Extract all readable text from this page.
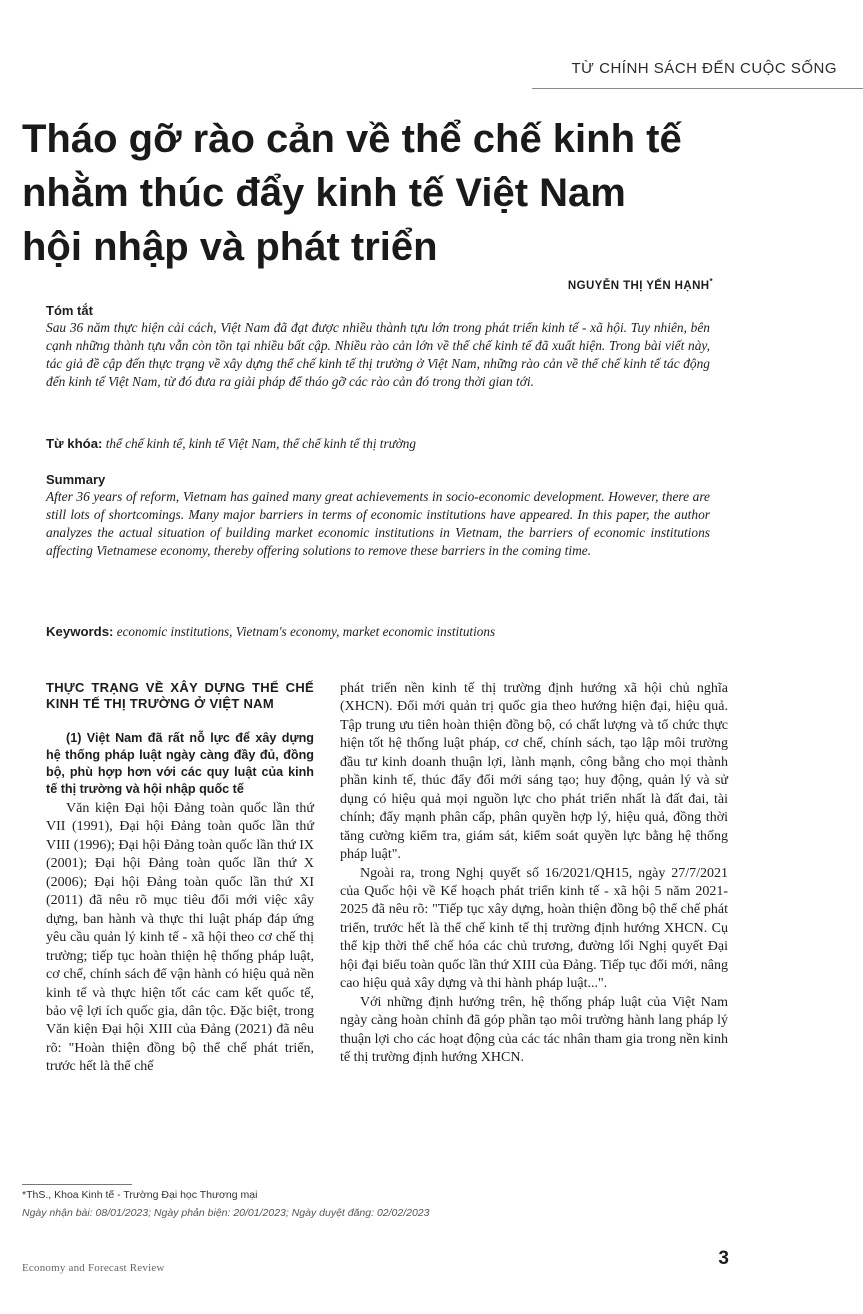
TỪ CHÍNH SÁCH ĐẾN CUỘC SỐNG
Tháo gỡ rào cản về thể chế kinh tế
nhằm thúc đẩy kinh tế Việt Nam
hội nhập và phát triển
NGUYỄN THỊ YẾN HẠNH*
Tóm tắt

Sau 36 năm thực hiện cải cách, Việt Nam đã đạt được nhiều thành tựu lớn trong phát triển kinh tế - xã hội. Tuy nhiên, bên cạnh những thành tựu vẫn còn tồn tại nhiều bất cập. Nhiều rào cản lớn về thể chế kinh tế đã xuất hiện. Trong bài viết này, tác giả đề cập đến thực trạng về xây dựng thể chế kinh tế thị trường ở Việt Nam, những rào cản về thể chế kinh tế tác động đến kinh tế Việt Nam, từ đó đưa ra giải pháp để tháo gỡ các rào cản đó trong thời gian tới.

Từ khóa: thể chế kinh tế, kinh tế Việt Nam, thể chế kinh tế thị trường
Summary

After 36 years of reform, Vietnam has gained many great achievements in socio-economic development. However, there are still lots of shortcomings. Many major barriers in terms of economic institutions have appeared. In this paper, the author analyzes the actual situation of building market economic institutions in Vietnam, the barriers of economic institutions affecting Vietnamese economy, thereby offering solutions to remove these barriers in the coming time.

Keywords: economic institutions, Vietnam's economy, market economic institutions
THỰC TRẠNG VỀ XÂY DỰNG THỂ CHẾ KINH TẾ THỊ TRƯỜNG Ở VIỆT NAM
(1) Việt Nam đã rất nỗ lực để xây dựng hệ thống pháp luật ngày càng đầy đủ, đồng bộ, phù hợp hơn với các quy luật của kinh tế thị trường và hội nhập quốc tế

Văn kiện Đại hội Đảng toàn quốc lần thứ VII (1991), Đại hội Đảng toàn quốc lần thứ VIII (1996); Đại hội Đảng toàn quốc lần thứ IX (2001); Đại hội Đảng toàn quốc lần thứ X (2006); Đại hội Đảng toàn quốc lần thứ XI (2011) đã nêu rõ mục tiêu đổi mới việc xây dựng, ban hành và thực thi luật pháp đáp ứng yêu cầu quản lý kinh tế - xã hội theo cơ chế thị trường; tiếp tục hoàn thiện hệ thống pháp luật, cơ chế, chính sách để vận hành có hiệu quả nền kinh tế và thực hiện tốt các cam kết quốc tế, bảo vệ lợi ích quốc gia, dân tộc. Đặc biệt, trong Văn kiện Đại hội XIII của Đảng (2021) đã nêu rõ: "Hoàn thiện đồng bộ thể chế phát triển, trước hết là thể chế

phát triển nền kinh tế thị trường định hướng xã hội chủ nghĩa (XHCN). Đổi mới quản trị quốc gia theo hướng hiện đại, hiệu quả. Tập trung ưu tiên hoàn thiện đồng bộ, có chất lượng và tổ chức thực hiện tốt hệ thống luật pháp, cơ chế, chính sách, tạo lập môi trường đầu tư kinh doanh thuận lợi, lành mạnh, công bằng cho mọi thành phần kinh tế, thúc đẩy đổi mới sáng tạo; huy động, quản lý và sử dụng có hiệu quả mọi nguồn lực cho phát triển nhất là đất đai, tài chính; đẩy mạnh phân cấp, phân quyền hợp lý, hiệu quả, đồng thời tăng cường kiểm tra, giám sát, kiểm soát quyền lực bằng hệ thống pháp luật".

Ngoài ra, trong Nghị quyết số 16/2021/QH15, ngày 27/7/2021 của Quốc hội về Kế hoạch phát triển kinh tế - xã hội 5 năm 2021-2025 đã nêu rõ: "Tiếp tục xây dựng, hoàn thiện đồng bộ thể chế phát triển, trước hết là thể chế kinh tế thị trường định hướng XHCN. Cụ thể kịp thời thể chế hóa các chủ trương, đường lối Nghị quyết Đại hội đại biểu toàn quốc lần thứ XIII của Đảng. Tiếp tục đổi mới, nâng cao hiệu quả xây dựng và thi hành pháp luật...".

Với những định hướng trên, hệ thống pháp luật của Việt Nam ngày càng hoàn chỉnh đã góp phần tạo môi trường hành lang pháp lý thuận lợi cho các hoạt động của các tác nhân tham gia trong nền kinh tế thị trường định hướng XHCN.

*ThS., Khoa Kinh tế - Trường Đại học Thương mại
Ngày nhận bài: 08/01/2023; Ngày phản biện: 20/01/2023; Ngày duyệt đăng: 02/02/2023
Economy and Forecast Review	3
